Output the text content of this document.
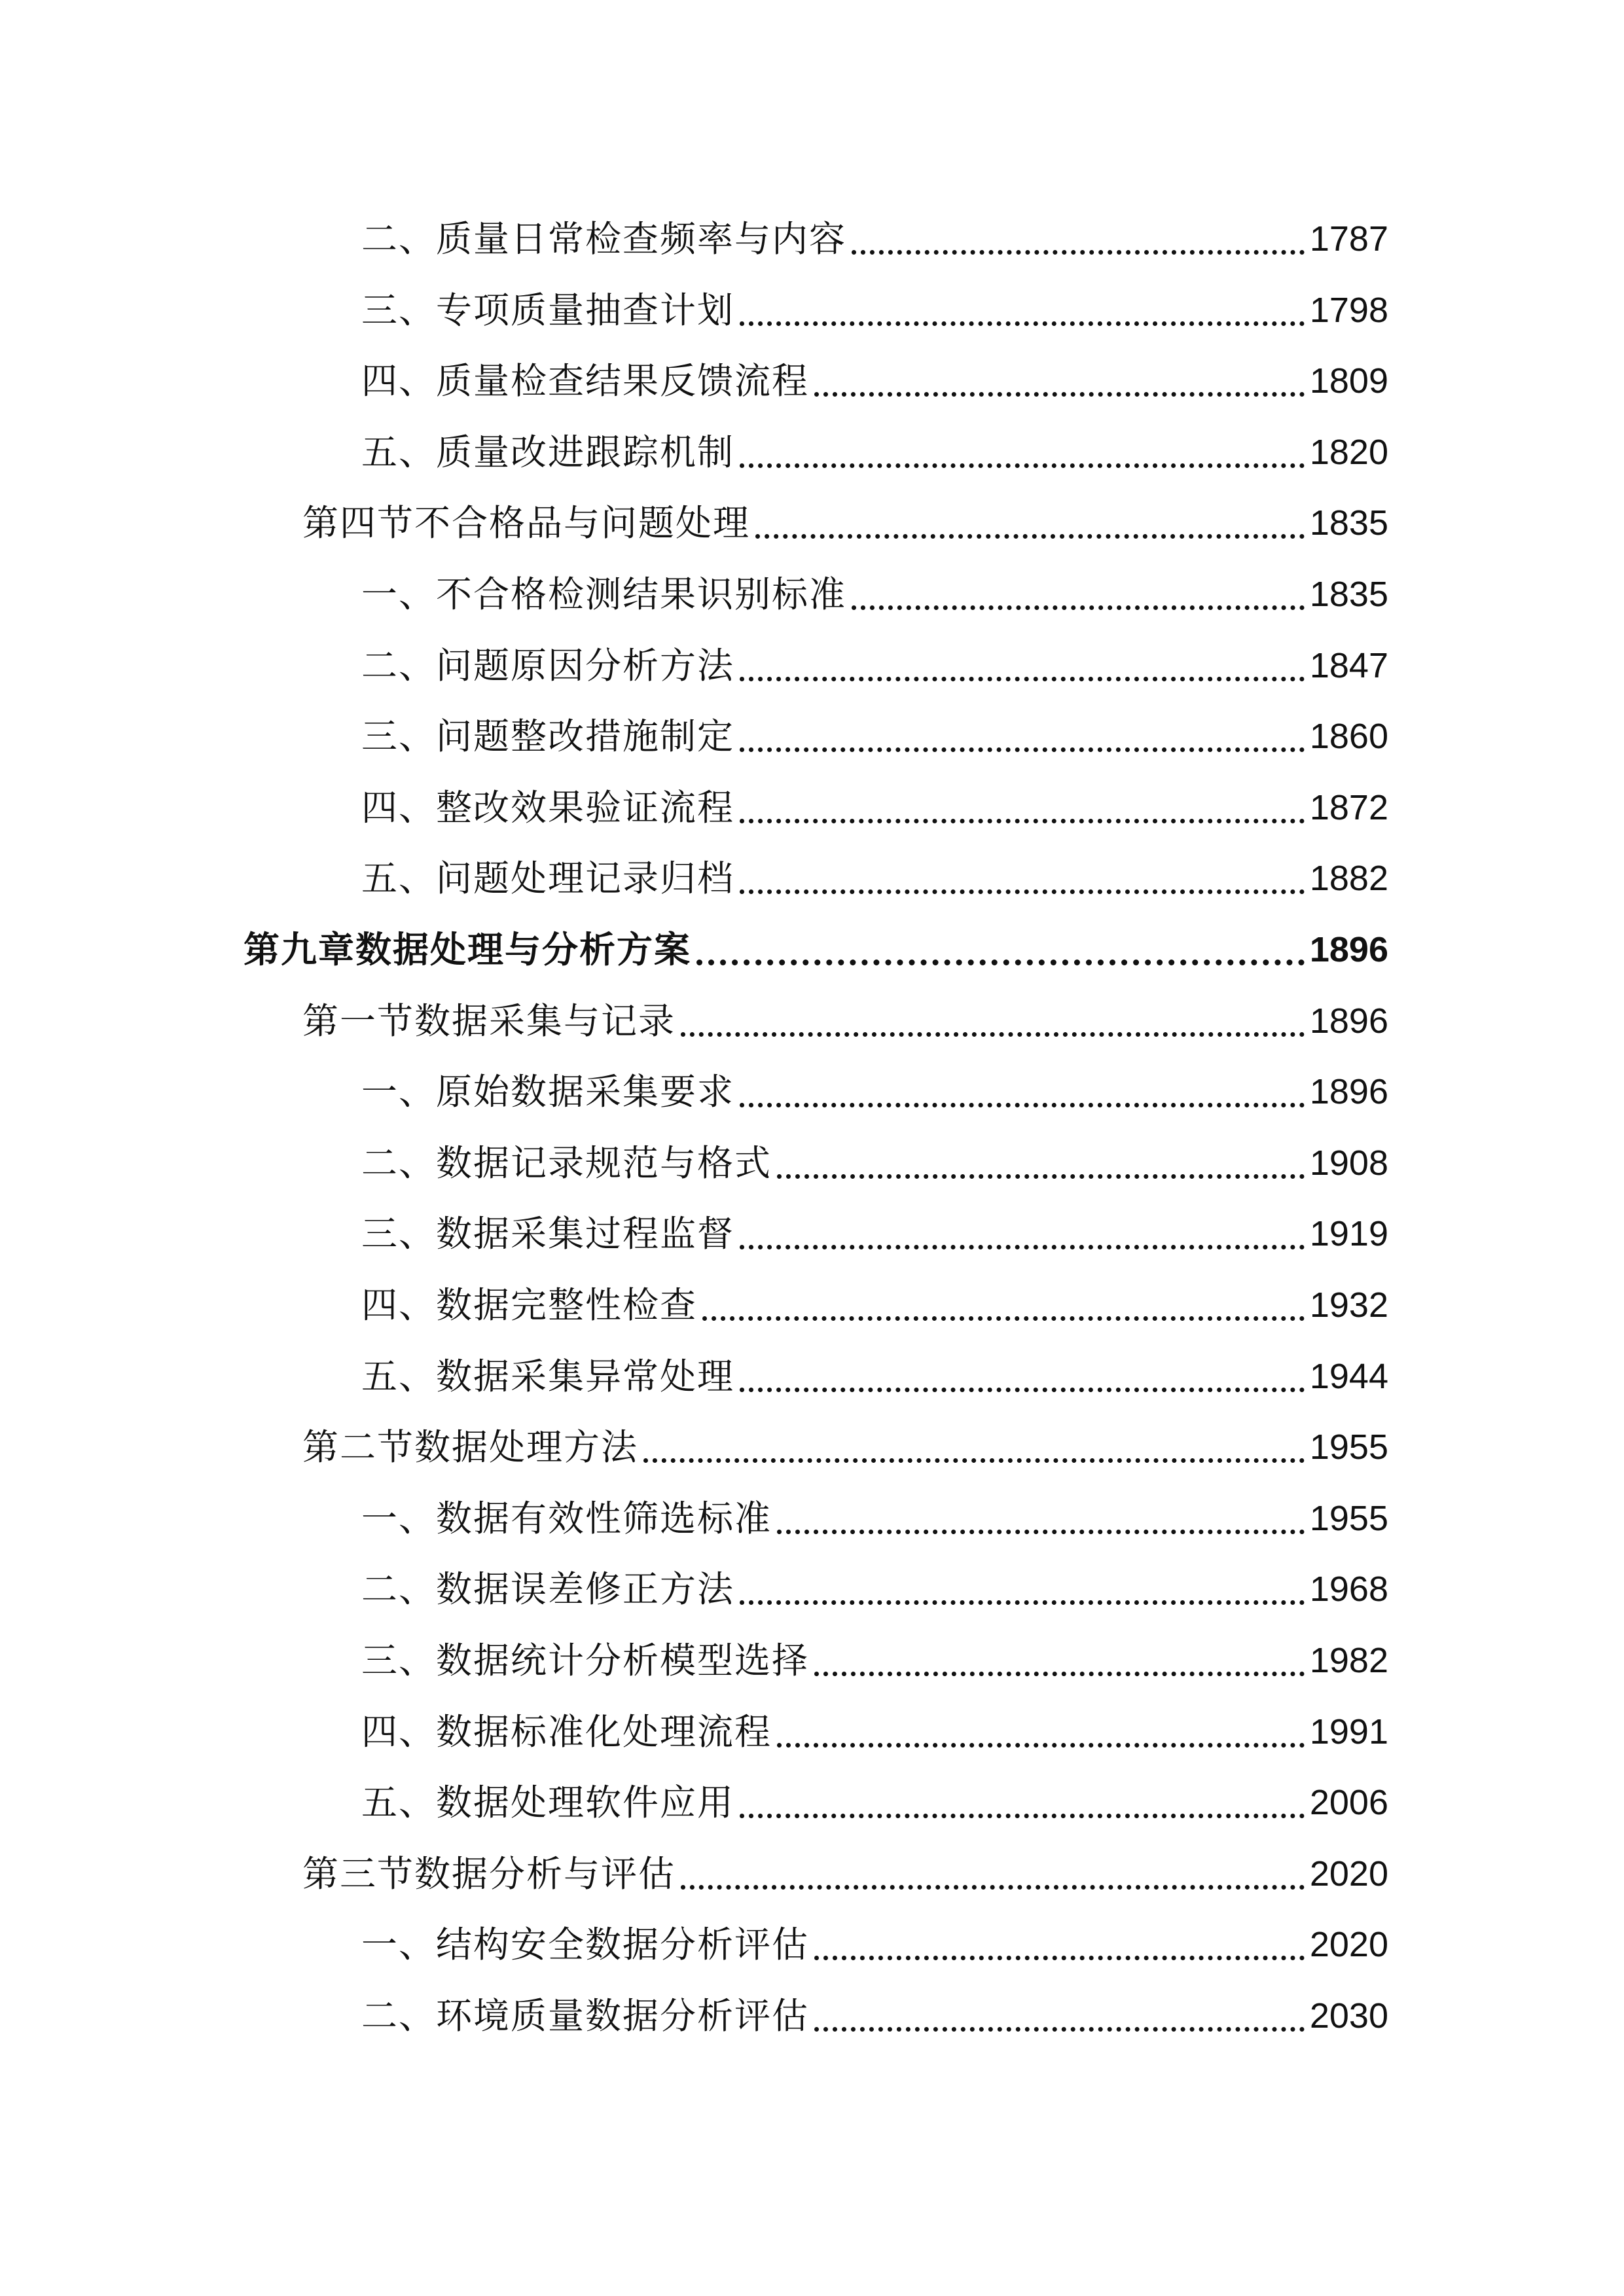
二、质量日常检查频率与内容	1787
三、专项质量抽查计划	1798
四、质量检查结果反馈流程	1809
五、质量改进跟踪机制	1820
第四节不合格品与问题处理	1835
一、不合格检测结果识别标准	1835
二、问题原因分析方法	1847
三、问题整改措施制定	1860
四、整改效果验证流程	1872
五、问题处理记录归档	1882
第九章数据处理与分析方案	1896
第一节数据采集与记录	1896
一、原始数据采集要求	1896
二、数据记录规范与格式	1908
三、数据采集过程监督	1919
四、数据完整性检查	1932
五、数据采集异常处理	1944
第二节数据处理方法	1955
一、数据有效性筛选标准	1955
二、数据误差修正方法	1968
三、数据统计分析模型选择	1982
四、数据标准化处理流程	1991
五、数据处理软件应用	2006
第三节数据分析与评估	2020
一、结构安全数据分析评估	2020
二、环境质量数据分析评估	2030
